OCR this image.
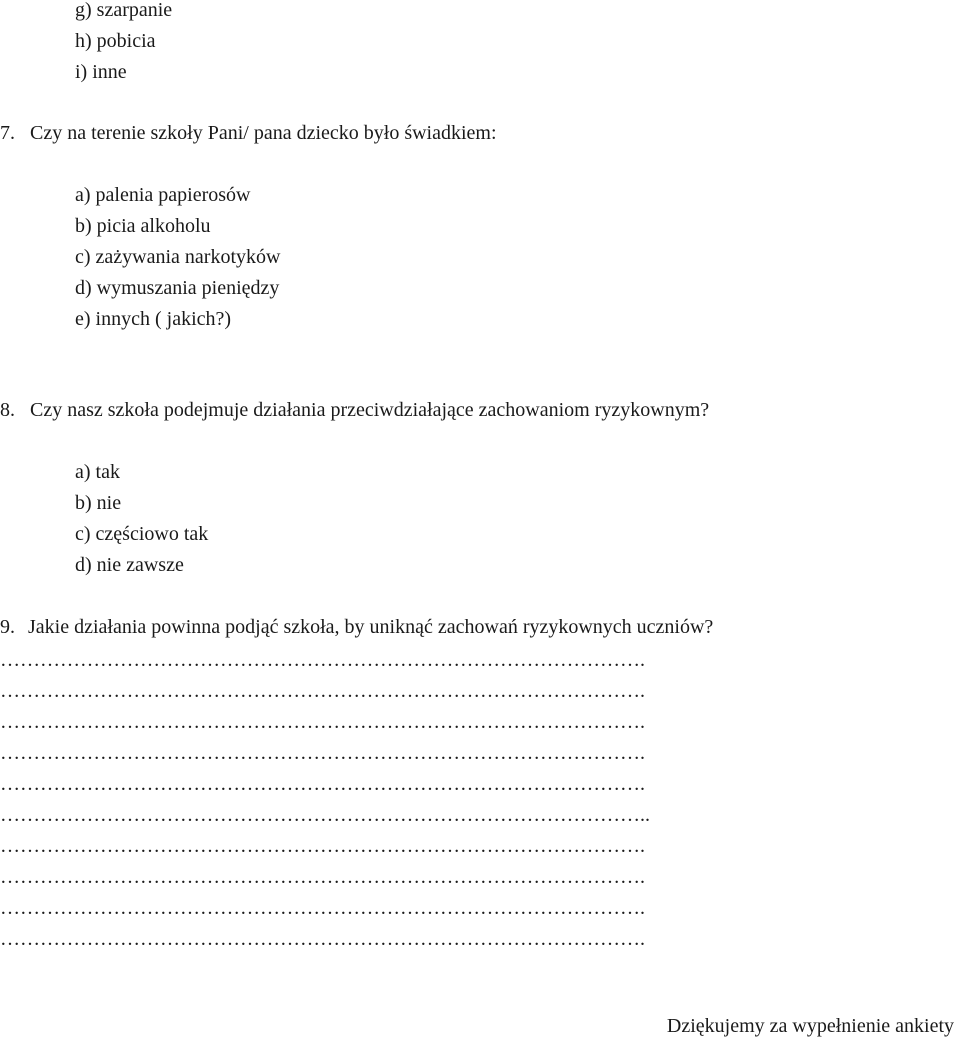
g) szarpanie

h) pobicia

i) inne

7. Czy na terenie szkoły Pani/ pana dziecko było świadkiem:

a) palenia papierosów

b) picia alkoholu

c) zażywania narkotyków

d) wymuszania pieniędzy

e) innych ( jakich?)

8. Czy nasz szkoła podejmuje działania przeciwdziałające zachowaniom ryzykownym?

a) tak

b) nie

c) częściowo tak

d) nie zawsze

9. Jakie działania powinna podjąć szkoła, by uniknąć zachowań ryzykownych uczniów?

…………………………………………………………………………………….
…………………………………………………………………………………….
…………………………………………………………………………………….
…………………………………………………………………………………….
…………………………………………………………………………………….
……………………………………………………………………………………..
…………………………………………………………………………………….
…………………………………………………………………………………….
…………………………………………………………………………………….
…………………………………………………………………………………….

Dziękujemy za wypełnienie ankiety
